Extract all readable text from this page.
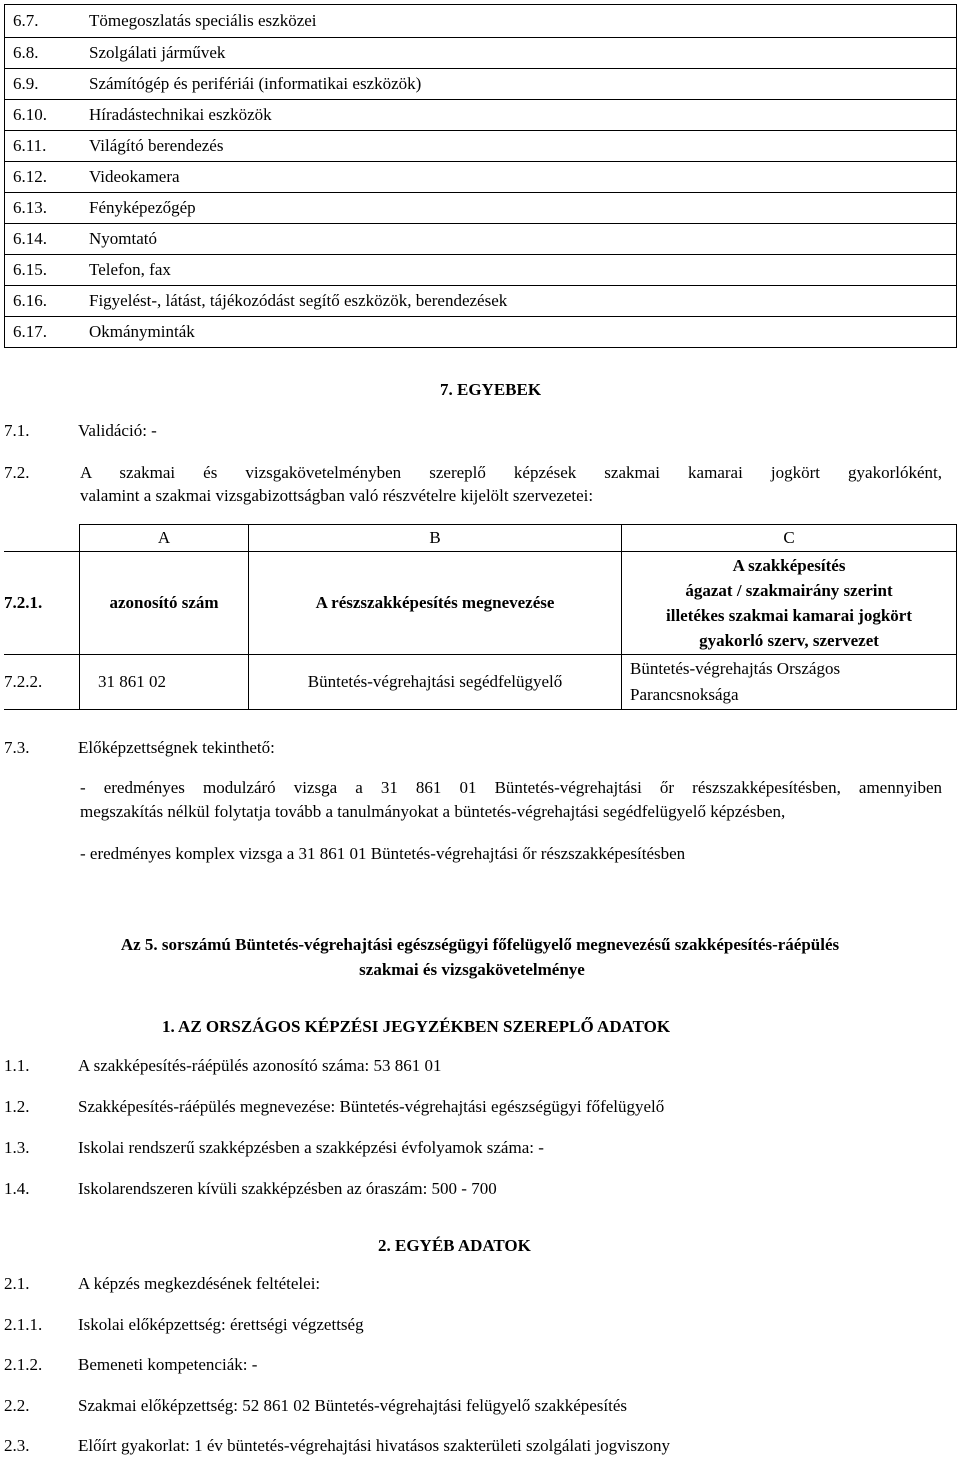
6.7.	Tömegoszlatás speciális eszközei
6.8.	Szolgálati járművek
6.9.	Számítógép és perifériái (informatikai eszközök)
6.10.	Híradástechnikai eszközök
6.11.	Világító berendezés
6.12.	Videokamera
6.13.	Fényképezőgép
6.14.	Nyomtató
6.15.	Telefon, fax
6.16.	Figyelést-, látást, tájékozódást segítő eszközök, berendezések
6.17.	Okmányminták
7. EGYEBEK
7.1.	Validáció: -
7.2.	A szakmai és vizsgakövetelményben szereplő képzések szakmai kamarai jogkört gyakorlóként,
valamint a szakmai vizsgabizottságban való részvételre kijelölt szervezetei:
	A	B	C
7.2.1.	azonosító szám	A részszakképesítés megnevezése	A szakképesítés
ágazat / szakmairány szerint
illetékes szakmai kamarai jogkört
gyakorló szerv, szervezet

7.2.2.	31 861 02	Büntetés-végrehajtási segédfelügyelő	Büntetés-végrehajtás Országos
Parancsnoksága
7.3.	Előképzettségnek tekinthető:
- eredményes modulzáró vizsga a 31 861 01 Büntetés-végrehajtási őr részszakképesítésben, amennyiben
megszakítás nélkül folytatja tovább a tanulmányokat a büntetés-végrehajtási segédfelügyelő képzésben,
- eredményes komplex vizsga a 31 861 01 Büntetés-végrehajtási őr részszakképesítésben
Az 5. sorszámú Büntetés-végrehajtási egészségügyi főfelügyelő megnevezésű szakképesítés-ráépülés
szakmai és vizsgakövetelménye
1. AZ ORSZÁGOS KÉPZÉSI JEGYZÉKBEN SZEREPLŐ ADATOK
1.1.	A szakképesítés-ráépülés azonosító száma: 53 861 01
1.2.	Szakképesítés-ráépülés megnevezése: Büntetés-végrehajtási egészségügyi főfelügyelő
1.3.	Iskolai rendszerű szakképzésben a szakképzési évfolyamok száma: -
1.4.	Iskolarendszeren kívüli szakképzésben az óraszám: 500 - 700
2. EGYÉB ADATOK
2.1.	A képzés megkezdésének feltételei:
2.1.1. Iskolai előképzettség: érettségi végzettség
2.1.2. Bemeneti kompetenciák: -
2.2.	Szakmai előképzettség: 52 861 02 Büntetés-végrehajtási felügyelő szakképesítés
2.3.	Előírt gyakorlat: 1 év büntetés-végrehajtási hivatásos szakterületi szolgálati jogviszony
